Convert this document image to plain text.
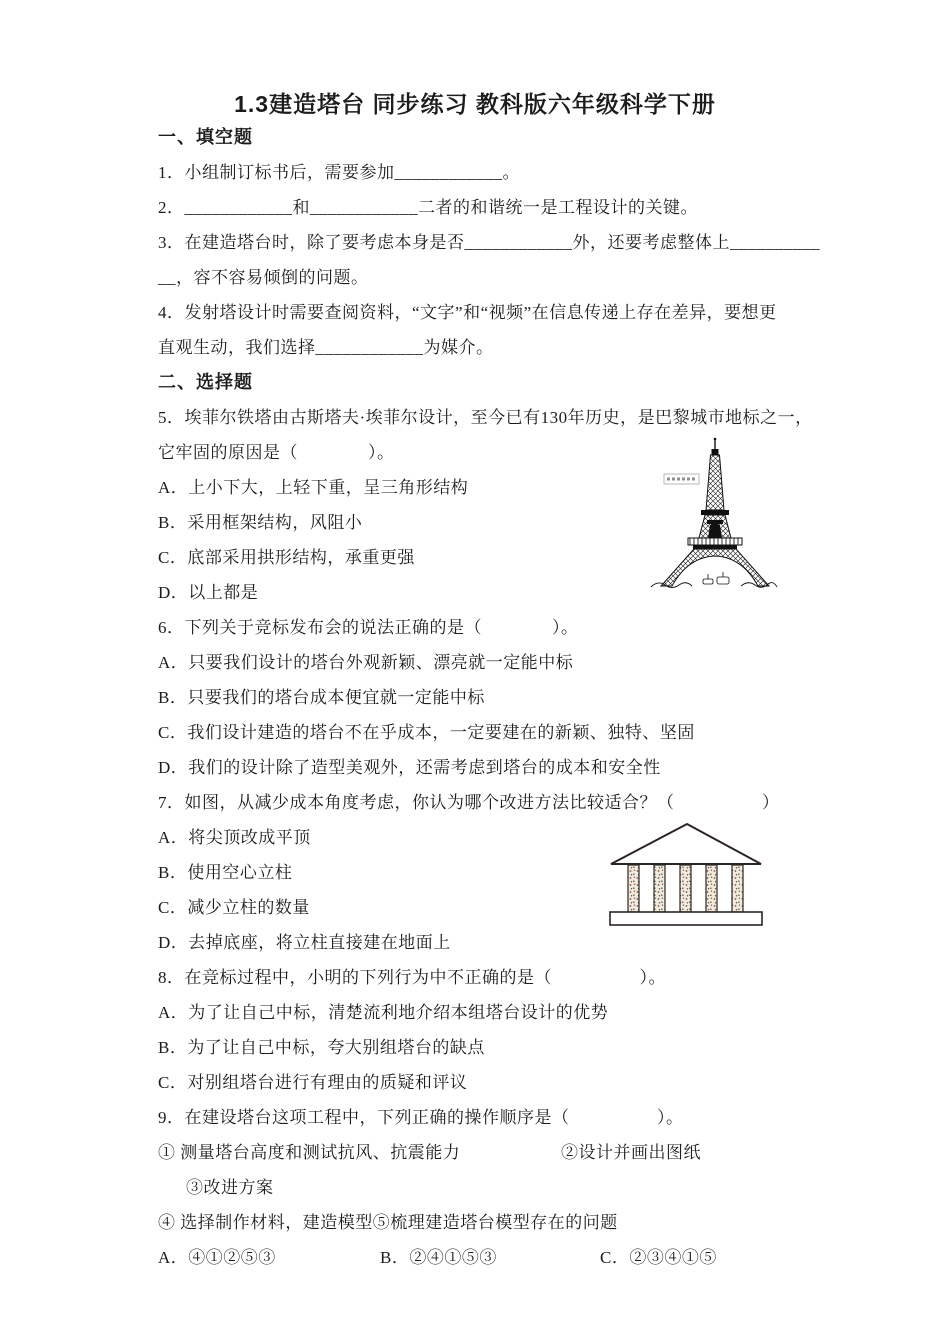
1.3建造塔台 同步练习 教科版六年级科学下册
一、填空题
1．小组制订标书后，需要参加____________。
2．____________和____________二者的和谐统一是工程设计的关键。
3．在建造塔台时，除了要考虑本身是否____________外，还要考虑整体上__________
__，容不容易倾倒的问题。
4．发射塔设计时需要查阅资料，“文字”和“视频”在信息传递上存在差异，要想更
直观生动，我们选择____________为媒介。
二、选择题
5．埃菲尔铁塔由古斯塔夫·埃菲尔设计，至今已有130年历史，是巴黎城市地标之一，
它牢固的原因是（　　　　）。
A．上小下大，上轻下重，呈三角形结构
B．采用框架结构，风阻小
C．底部采用拱形结构，承重更强
D．以上都是
6．下列关于竞标发布会的说法正确的是（　　　　）。
A．只要我们设计的塔台外观新颖、漂亮就一定能中标
B．只要我们的塔台成本便宜就一定能中标
C．我们设计建造的塔台不在乎成本，一定要建在的新颖、独特、坚固
D．我们的设计除了造型美观外，还需考虑到塔台的成本和安全性
7．如图，从减少成本角度考虑，你认为哪个改进方法比较适合？（　　　　　）
A．将尖顶改成平顶
B．使用空心立柱
C．减少立柱的数量
D．去掉底座，将立柱直接建在地面上
8．在竞标过程中，小明的下列行为中不正确的是（　　　　　）。
A．为了让自己中标，清楚流利地介绍本组塔台设计的优势
B．为了让自己中标，夸大别组塔台的缺点
C．对别组塔台进行有理由的质疑和评议
9．在建设塔台这项工程中，下列正确的操作顺序是（　　　　　）。
① 测量塔台高度和测试抗风、抗震能力	②设计并画出图纸
③改进方案
④ 选择制作材料，建造模型⑤梳理建造塔台模型存在的问题
A．④①②⑤③	B．②④①⑤③	C．②③④①⑤
